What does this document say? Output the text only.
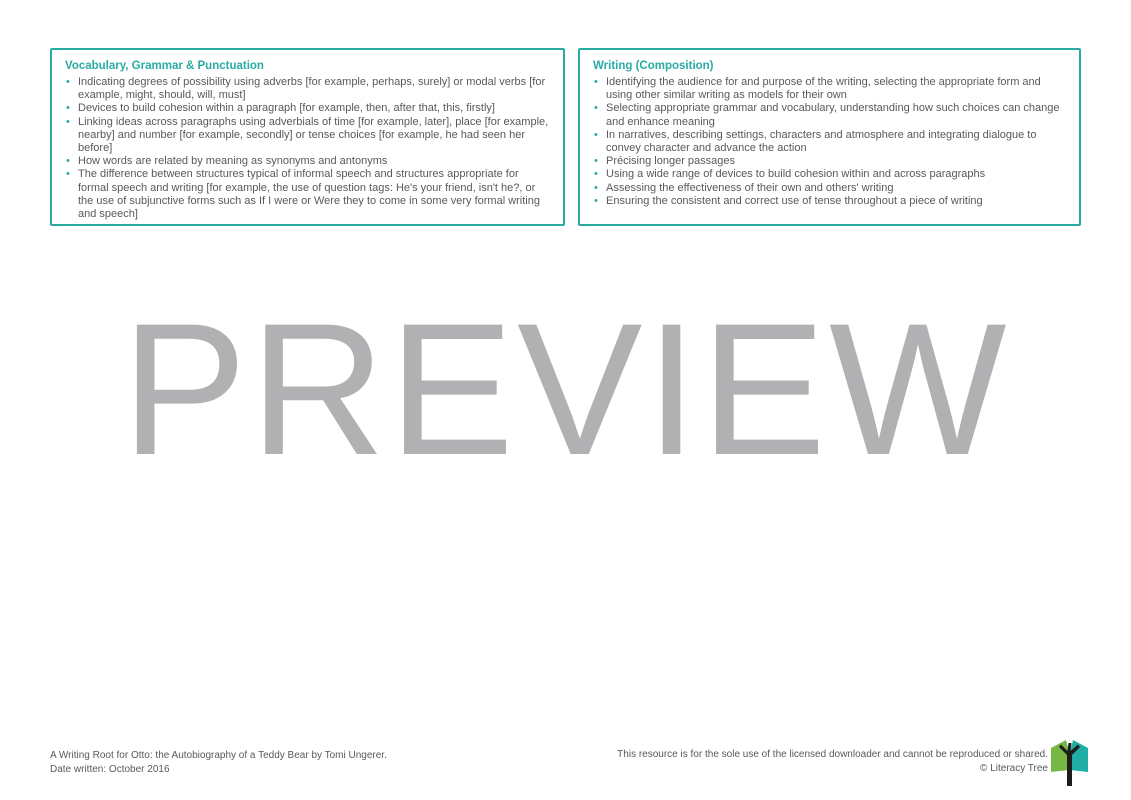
Vocabulary, Grammar & Punctuation
• Indicating degrees of possibility using adverbs [for example, perhaps, surely] or modal verbs [for example, might, should, will, must]
• Devices to build cohesion within a paragraph [for example, then, after that, this, firstly]
• Linking ideas across paragraphs using adverbials of time [for example, later], place [for example, nearby] and number [for example, secondly] or tense choices [for example, he had seen her before]
• How words are related by meaning as synonyms and antonyms
• The difference between structures typical of informal speech and structures appropriate for formal speech and writing [for example, the use of question tags: He's your friend, isn't he?, or the use of subjunctive forms such as If I were or Were they to come in some very formal writing and speech]
Writing (Composition)
• Identifying the audience for and purpose of the writing, selecting the appropriate form and using other similar writing as models for their own
• Selecting appropriate grammar and vocabulary, understanding how such choices can change and enhance meaning
• In narratives, describing settings, characters and atmosphere and integrating dialogue to convey character and advance the action
• Précising longer passages
• Using a wide range of devices to build cohesion within and across paragraphs
• Assessing the effectiveness of their own and others' writing
• Ensuring the consistent and correct use of tense throughout a piece of writing
PREVIEW
A Writing Root for Otto: the Autobiography of a Teddy Bear by Tomi Ungerer.
Date written: October 2016
This resource is for the sole use of the licensed downloader and cannot be reproduced or shared.
© Literacy Tree
